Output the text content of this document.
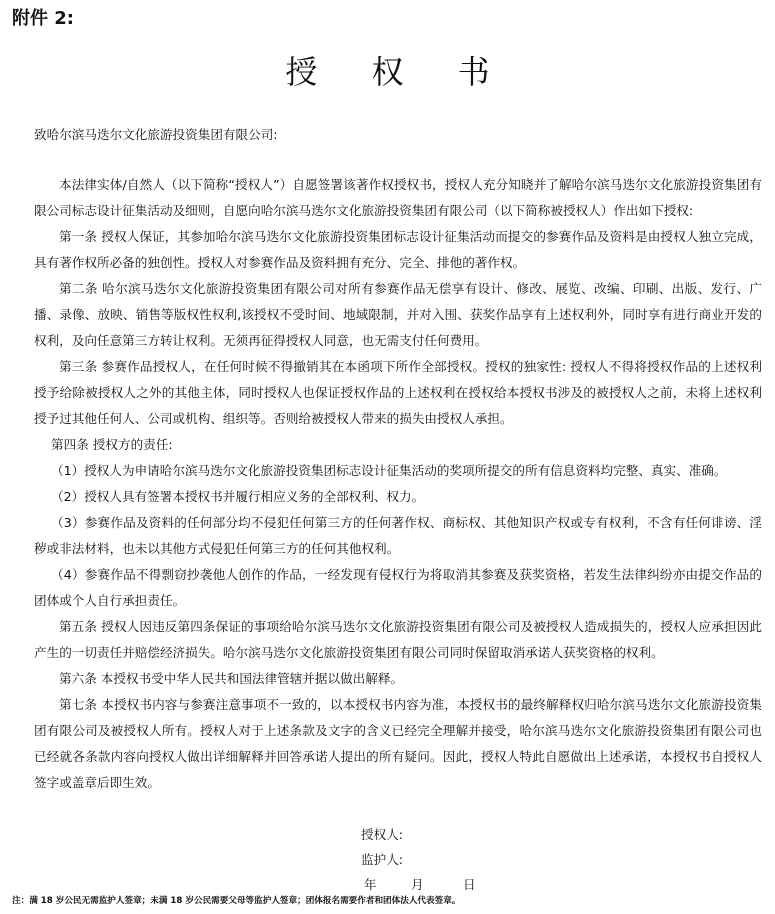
附件 2:
授 权 书
致哈尔滨马迭尔文化旅游投资集团有限公司:

本法律实体/自然人（以下简称“授权人”）自愿签署该著作权授权书，授权人充分知晓并了解哈尔滨马迭尔文化旅游投资集团有限公司标志设计征集活动及细则，自愿向哈尔滨马迭尔文化旅游投资集团有限公司（以下简称被授权人）作出如下授权:

第一条 授权人保证，其参加哈尔滨马迭尔文化旅游投资集团标志设计征集活动而提交的参赛作品及资料是由授权人独立完成，具有著作权所必备的独创性。授权人对参赛作品及资料拥有充分、完全、排他的著作权。

第二条 哈尔滨马迭尔文化旅游投资集团有限公司对所有参赛作品无偿享有设计、修改、展览、改编、印刷、出版、发行、广播、录像、放映、销售等版权性权利,该授权不受时间、地域限制，并对入围、获奖作品享有上述权利外，同时享有进行商业开发的权利，及向任意第三方转让权利。无须再征得授权人同意，也无需支付任何费用。

第三条 参赛作品授权人，在任何时候不得撤销其在本函项下所作全部授权。授权的独家性: 授权人不得将授权作品的上述权利授予给除被授权人之外的其他主体，同时授权人也保证授权作品的上述权利在授权给本授权书涉及的被授权人之前，未将上述权利授予过其他任何人、公司或机构、组织等。否则给被授权人带来的损失由授权人承担。

第四条 授权方的责任:

（1）授权人为申请哈尔滨马迭尔文化旅游投资集团标志设计征集活动的奖项所提交的所有信息资料均完整、真实、准确。

（2）授权人具有签署本授权书并履行相应义务的全部权利、权力。

（3）参赛作品及资料的任何部分均不侵犯任何第三方的任何著作权、商标权、其他知识产权或专有权利，不含有任何诽谤、淫秽或非法材料，也未以其他方式侵犯任何第三方的任何其他权利。

（4）参赛作品不得剽窃抄袭他人创作的作品，一经发现有侵权行为将取消其参赛及获奖资格，若发生法律纠纷亦由提交作品的团体或个人自行承担责任。

第五条 授权人因违反第四条保证的事项给哈尔滨马迭尔文化旅游投资集团有限公司及被授权人造成损失的，授权人应承担因此产生的一切责任并赔偿经济损失。哈尔滨马迭尔文化旅游投资集团有限公司同时保留取消承诺人获奖资格的权利。

第六条 本授权书受中华人民共和国法律管辖并据以做出解释。

第七条 本授权书内容与参赛注意事项不一致的，以本授权书内容为准，本授权书的最终解释权归哈尔滨马迭尔文化旅游投资集团有限公司及被授权人所有。授权人对于上述条款及文字的含义已经完全理解并接受，哈尔滨马迭尔文化旅游投资集团有限公司也已经就各条款内容向授权人做出详细解释并回答承诺人提出的所有疑问。因此，授权人特此自愿做出上述承诺，本授权书自授权人签字或盖章后即生效。

授权人:
监护人:
年	月	日
注：满 18 岁公民无需监护人签章；未满 18 岁公民需要父母等监护人签章；团体报名需要作者和团体法人代表签章。
